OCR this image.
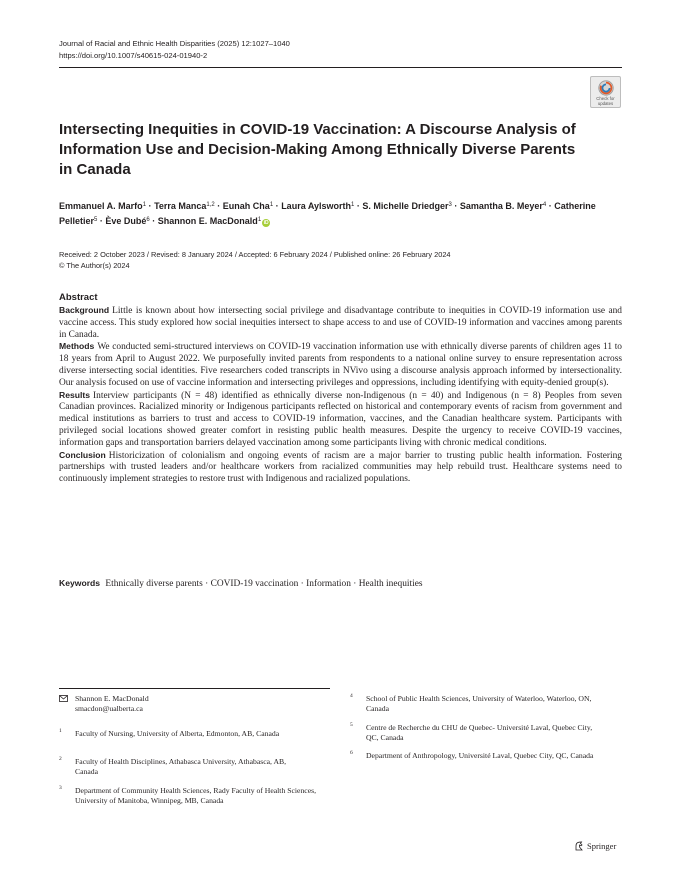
Journal of Racial and Ethnic Health Disparities (2025) 12:1027–1040
https://doi.org/10.1007/s40615-024-01940-2
Check for
updates
Intersecting Inequities in COVID-19 Vaccination: A Discourse Analysis of Information Use and Decision-Making Among Ethnically Diverse Parents in Canada
Emmanuel A. Marfo$^1$ · Terra Manca$^{1,2}$ · Eunah Cha$^1$ · Laura Aylsworth$^1$ · S. Michelle Driedger$^3$ · Samantha B. Meyer$^4$ · Catherine Pelletier$^5$ · Ève Dubé$^6$ · Shannon E. MacDonald$^1$ iD
Received: 2 October 2023 / Revised: 8 January 2024 / Accepted: 6 February 2024 / Published online: 26 February 2024
© The Author(s) 2024
Abstract

Background Little is known about how intersecting social privilege and disadvantage contribute to inequities in COVID-19 information use and vaccine access. This study explored how social inequities intersect to shape access to and use of COVID-19 information and vaccines among parents in Canada.

Methods We conducted semi-structured interviews on COVID-19 vaccination information use with ethnically diverse parents of children ages 11 to 18 years from April to August 2022. We purposefully invited parents from respondents to a national online survey to ensure representation across diverse intersecting social identities. Five researchers coded transcripts in NVivo using a discourse analysis approach informed by intersectionality. Our analysis focused on use of vaccine information and intersecting privileges and oppressions, including identifying with equity-denied group(s).

Results Interview participants (N = 48) identified as ethnically diverse non-Indigenous (n = 40) and Indigenous (n = 8) Peoples from seven Canadian provinces. Racialized minority or Indigenous participants reflected on historical and contemporary events of racism from government and medical institutions as barriers to trust and access to COVID-19 information, vaccines, and the Canadian healthcare system. Participants with privileged social locations showed greater comfort in resisting public health measures. Despite the urgency to receive COVID-19 vaccines, information gaps and transportation barriers delayed vaccination among some participants living with chronic medical conditions.

Conclusion Historicization of colonialism and ongoing events of racism are a major barrier to trusting public health information. Fostering partnerships with trusted leaders and/or healthcare workers from racialized communities may help rebuild trust. Healthcare systems need to continuously implement strategies to restore trust with Indigenous and racialized populations.

Keywords Ethnically diverse parents · COVID-19 vaccination · Information · Health inequities
Shannon E. MacDonald
smacdon@ualberta.ca
1 Faculty of Nursing, University of Alberta, Edmonton, AB, Canada
2 Faculty of Health Disciplines, Athabasca University, Athabasca, AB, Canada
3 Department of Community Health Sciences, Rady Faculty of Health Sciences, University of Manitoba, Winnipeg, MB, Canada
4 School of Public Health Sciences, University of Waterloo, Waterloo, ON, Canada
5 Centre de Recherche du CHU de Quebec- Université Laval, Quebec City, QC, Canada
6 Department of Anthropology, Université Laval, Quebec City, QC, Canada
Springer
